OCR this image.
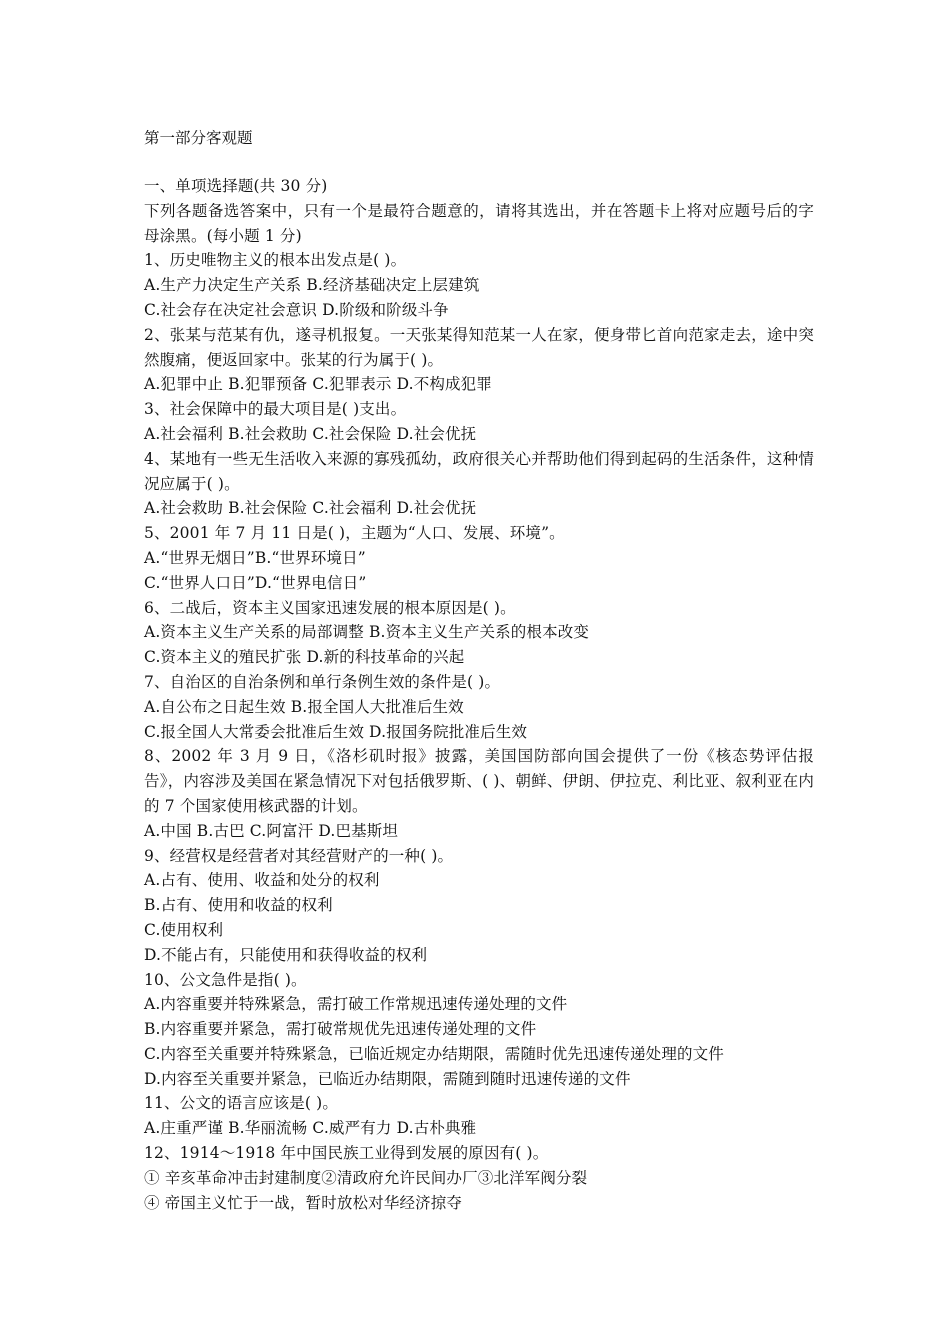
第一部分客观题
一、单项选择题(共 30 分)
下列各题备选答案中，只有一个是最符合题意的，请将其选出，并在答题卡上将对应题号后的字母涂黑。(每小题 1 分)
1、历史唯物主义的根本出发点是( )。
A.生产力决定生产关系 B.经济基础决定上层建筑
C.社会存在决定社会意识 D.阶级和阶级斗争
2、张某与范某有仇，遂寻机报复。一天张某得知范某一人在家，便身带匕首向范家走去，途中突然腹痛，便返回家中。张某的行为属于( )。
A.犯罪中止 B.犯罪预备 C.犯罪表示 D.不构成犯罪
3、社会保障中的最大项目是( )支出。
A.社会福利 B.社会救助 C.社会保险 D.社会优抚
4、某地有一些无生活收入来源的寡残孤幼，政府很关心并帮助他们得到起码的生活条件，这种情况应属于( )。
A.社会救助 B.社会保险 C.社会福利 D.社会优抚
5、2001 年 7 月 11 日是( )，主题为“人口、发展、环境”。
A.“世界无烟日”B.“世界环境日”
C.“世界人口日”D.“世界电信日”
6、二战后，资本主义国家迅速发展的根本原因是( )。
A.资本主义生产关系的局部调整 B.资本主义生产关系的根本改变
C.资本主义的殖民扩张 D.新的科技革命的兴起
7、自治区的自治条例和单行条例生效的条件是( )。
A.自公布之日起生效 B.报全国人大批准后生效
C.报全国人大常委会批准后生效 D.报国务院批准后生效
8、2002 年 3 月 9 日，《洛杉矶时报》披露，美国国防部向国会提供了一份《核态势评估报告》，内容涉及美国在紧急情况下对包括俄罗斯、( )、朝鲜、伊朗、伊拉克、利比亚、叙利亚在内的 7 个国家使用核武器的计划。
A.中国 B.古巴 C.阿富汗 D.巴基斯坦
9、经营权是经营者对其经营财产的一种( )。
A.占有、使用、收益和处分的权利
B.占有、使用和收益的权利
C.使用权利
D.不能占有，只能使用和获得收益的权利
10、公文急件是指( )。
A.内容重要并特殊紧急，需打破工作常规迅速传递处理的文件
B.内容重要并紧急，需打破常规优先迅速传递处理的文件
C.内容至关重要并特殊紧急，已临近规定办结期限，需随时优先迅速传递处理的文件
D.内容至关重要并紧急，已临近办结期限，需随到随时迅速传递的文件
11、公文的语言应该是( )。
A.庄重严谨 B.华丽流畅 C.威严有力 D.古朴典雅
12、1914～1918 年中国民族工业得到发展的原因有( )。
① 辛亥革命冲击封建制度②清政府允许民间办厂③北洋军阀分裂
④ 帝国主义忙于一战，暂时放松对华经济掠夺
